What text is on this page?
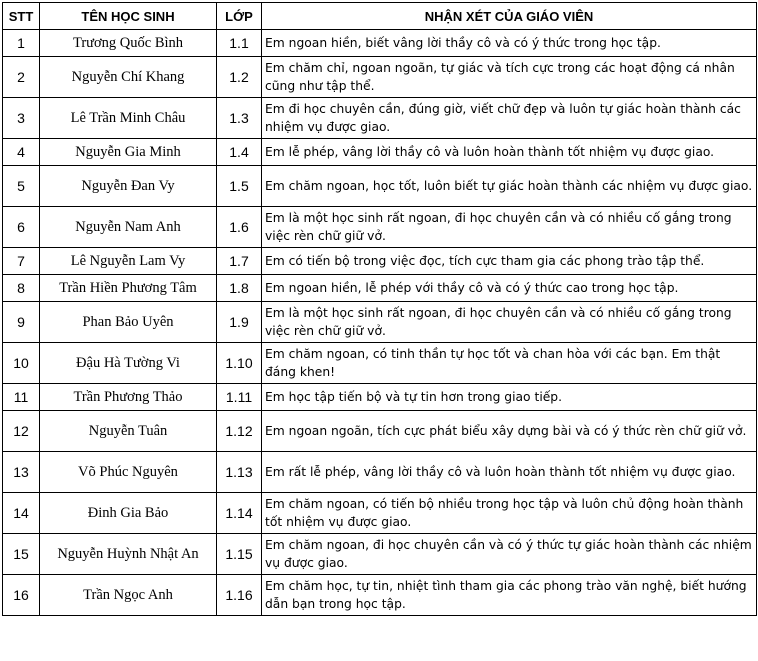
STT	TÊN HỌC SINH	LỚP	NHẬN XÉT CỦA GIÁO VIÊN
1	Trương Quốc Bình	1.1	Em ngoan hiền, biết vâng lời thầy cô và có ý thức trong học tập.
2	Nguyễn Chí Khang	1.2	Em chăm chỉ, ngoan ngoãn, tự giác và tích cực trong các hoạt động cá nhân cũng như tập thể.
3	Lê Trần Minh Châu	1.3	Em đi học chuyên cần, đúng giờ, viết chữ đẹp và luôn tự giác hoàn thành các nhiệm vụ được giao.
4	Nguyễn Gia Minh	1.4	Em lễ phép, vâng lời thầy cô và luôn hoàn thành tốt nhiệm vụ được giao.
5	Nguyễn Đan Vy	1.5	Em chăm ngoan, học tốt, luôn biết tự giác hoàn thành các nhiệm vụ được giao.
6	Nguyễn Nam Anh	1.6	Em là một học sinh rất ngoan, đi học chuyên cần và có nhiều cố gắng trong việc rèn chữ giữ vở.
7	Lê Nguyễn Lam Vy	1.7	Em có tiến bộ trong việc đọc, tích cực tham gia các phong trào tập thể.
8	Trần Hiền Phương Tâm	1.8	Em ngoan hiền, lễ phép với thầy cô và có ý thức cao trong học tập.
9	Phan Bảo Uyên	1.9	Em là một học sinh rất ngoan, đi học chuyên cần và có nhiều cố gắng trong việc rèn chữ giữ vở.
10	Đậu Hà Tường Vi	1.10	Em chăm ngoan, có tinh thần tự học tốt và chan hòa với các bạn. Em thật đáng khen!
11	Trần Phương Thảo	1.11	Em học tập tiến bộ và tự tin hơn trong giao tiếp.
12	Nguyễn Tuân	1.12	Em ngoan ngoãn, tích cực phát biểu xây dựng bài và có ý thức rèn chữ giữ vở.
13	Võ Phúc Nguyên	1.13	Em rất lễ phép, vâng lời thầy cô và luôn hoàn thành tốt nhiệm vụ được giao.
14	Đinh Gia Bảo	1.14	Em chăm ngoan, có tiến bộ nhiều trong học tập và luôn chủ động hoàn thành tốt nhiệm vụ được giao.
15	Nguyễn Huỳnh Nhật An	1.15	Em chăm ngoan, đi học chuyên cần và có ý thức tự giác hoàn thành các nhiệm vụ được giao.
16	Trần Ngọc Anh	1.16	Em chăm học, tự tin, nhiệt tình tham gia các phong trào văn nghệ, biết hướng dẫn bạn trong học tập.
